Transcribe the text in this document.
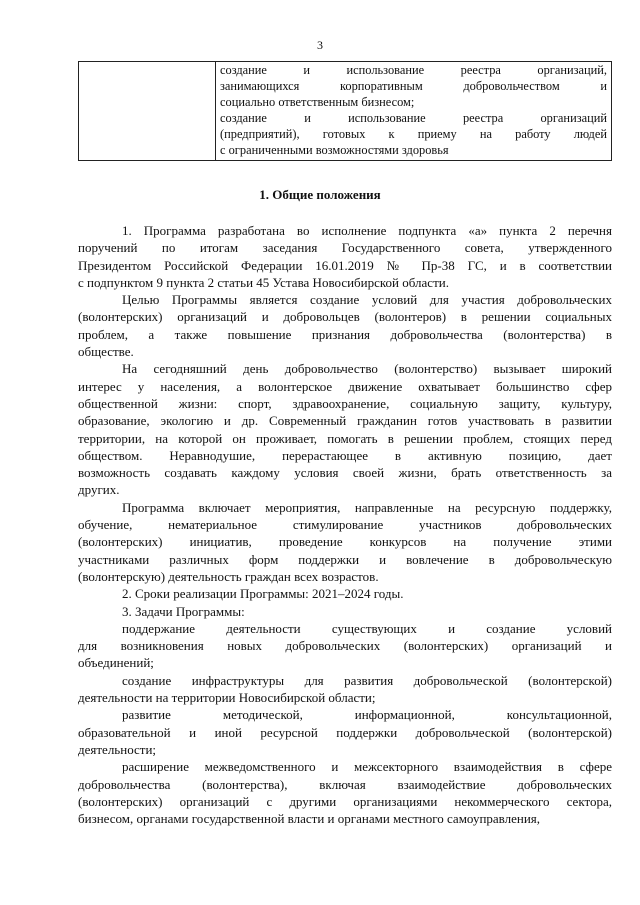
3

создание и использование реестра организаций,

занимающихся корпоративным добровольчеством и

социально ответственным бизнесом;

создание и использование реестра организаций

(предприятий), готовых к приему на работу людей

с ограниченными возможностями здоровья

1. Общие положения

1. Программа разработана во исполнение подпункта «а» пункта 2 перечня
поручений по итогам заседания Государственного совета, утвержденного
Президентом Российской Федерации 16.01.2019 № Пр-38 ГС, и в соответствии
с подпунктом 9 пункта 2 статьи 45 Устава Новосибирской области.

Целью Программы является создание условий для участия добровольческих
(волонтерских) организаций и добровольцев (волонтеров) в решении социальных
проблем, а также повышение признания добровольчества (волонтерства) в
обществе.

На сегодняшний день добровольчество (волонтерство) вызывает широкий
интерес у населения, а волонтерское движение охватывает большинство сфер
общественной жизни: спорт, здравоохранение, социальную защиту, культуру,
образование, экологию и др. Современный гражданин готов участвовать в развитии
территории, на которой он проживает, помогать в решении проблем, стоящих перед
обществом. Неравнодушие, перерастающее в активную позицию, дает
возможность создавать каждому условия своей жизни, брать ответственность за
других.

Программа включает мероприятия, направленные на ресурсную поддержку,
обучение, нематериальное стимулирование участников добровольческих
(волонтерских) инициатив, проведение конкурсов на получение этими
участниками различных форм поддержки и вовлечение в добровольческую
(волонтерскую) деятельность граждан всех возрастов.

2. Сроки реализации Программы: 2021–2024 годы.

3. Задачи Программы:

поддержание деятельности существующих и создание условий
для возникновения новых добровольческих (волонтерских) организаций и
объединений;

создание инфраструктуры для развития добровольческой (волонтерской)
деятельности на территории Новосибирской области;

развитие методической, информационной, консультационной,
образовательной и иной ресурсной поддержки добровольческой (волонтерской)
деятельности;

расширение межведомственного и межсекторного взаимодействия в сфере
добровольчества (волонтерства), включая взаимодействие добровольческих
(волонтерских) организаций с другими организациями некоммерческого сектора,
бизнесом, органами государственной власти и органами местного самоуправления,
